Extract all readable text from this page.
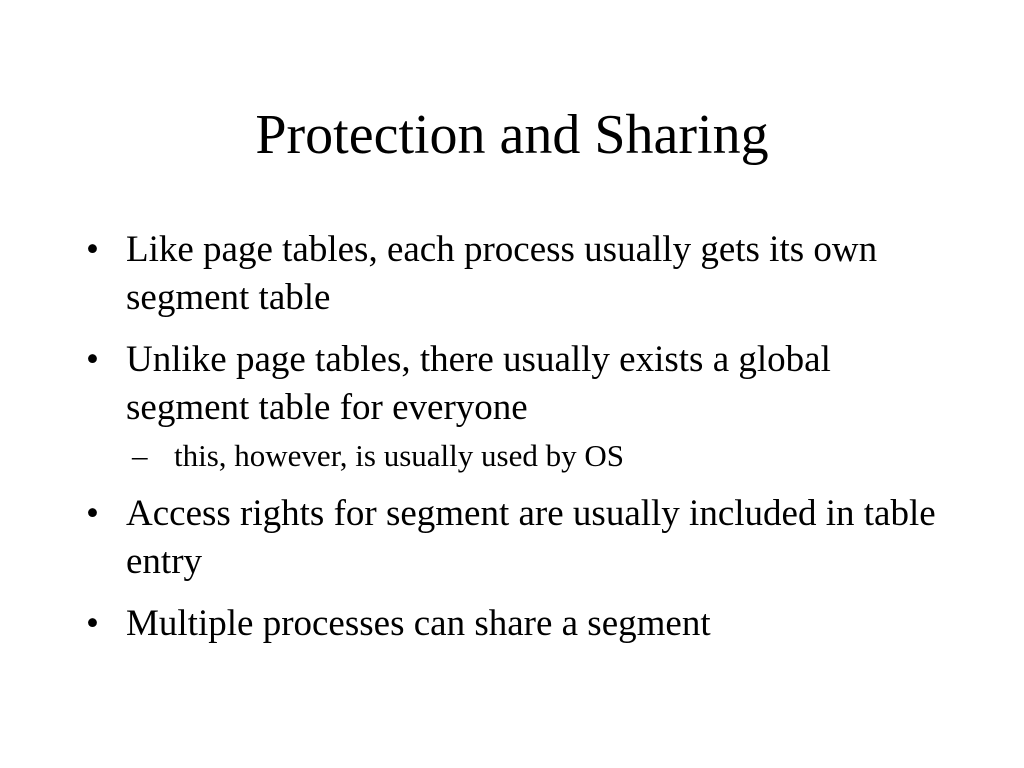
Protection and Sharing
• Like page tables, each process usually gets its own segment table
• Unlike page tables, there usually exists a global segment table for everyone
– this, however, is usually used by OS
• Access rights for segment are usually included in table entry
• Multiple processes can share a segment
